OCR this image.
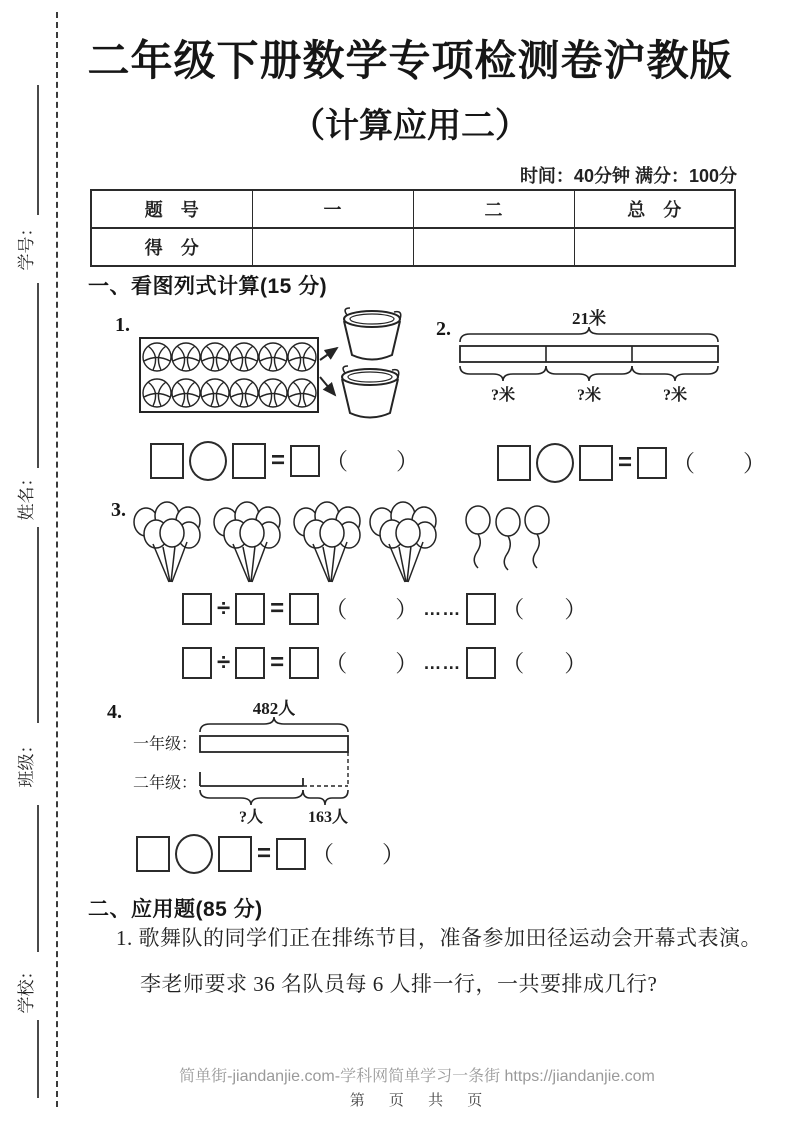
学号：
姓名：
班级：
学校：
二年级下册数学专项检测卷沪教版
（计算应用二）
时间：40分钟 满分：100分
题　号	一	二	总　分
得　分			
一、看图列式计算(15 分)
1.	2.	21米
?米	?米	?米
= （ ）	= （ ）
3.
÷ = （ ） …… （ ）
÷ = （ ） …… （ ）
4.	482人
一年级：
二年级：
?人	163人
= （ ）
二、应用题(85 分)
1. 歌舞队的同学们正在排练节目，准备参加田径运动会开幕式表演。
李老师要求 36 名队员每 6 人排一行，一共要排成几行?
简单街-jiandanjie.com-学科网简单学习一条街 https://jiandanjie.com
第 页 共 页
